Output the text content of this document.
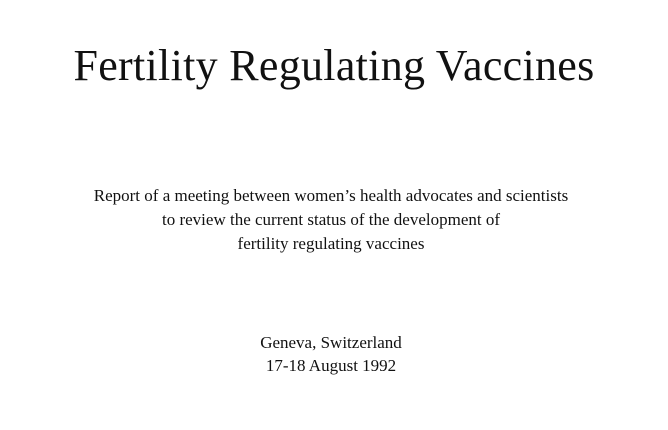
Fertility Regulating Vaccines

Report of a meeting between women’s health advocates and scientists
to review the current status of the development of
fertility regulating vaccines

Geneva, Switzerland
17-18 August 1992
